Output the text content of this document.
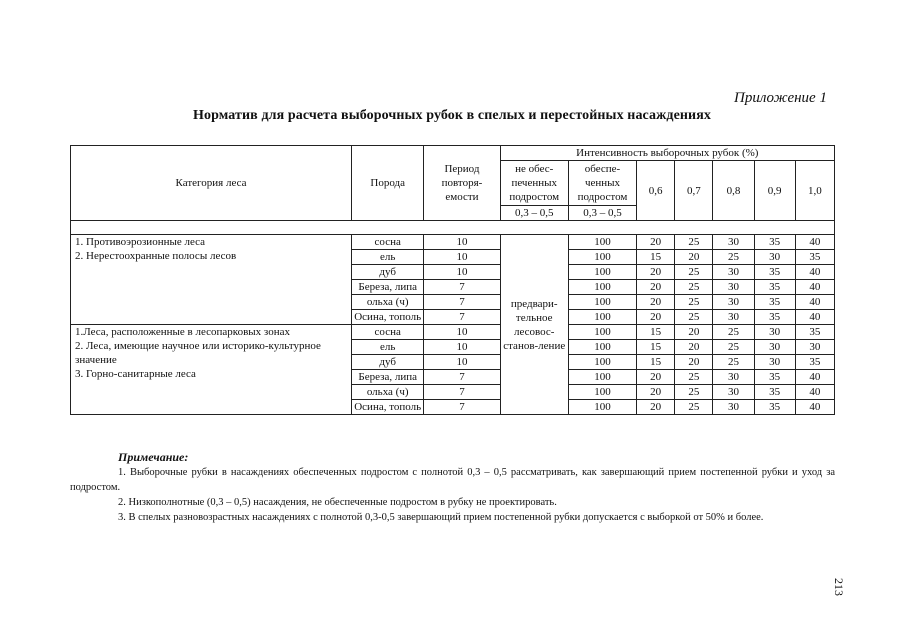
Приложение 1
Норматив для расчета выборочных рубок в спелых и перестойных насаждениях
Категория леса	Порода	Период повторя-емости	Интенсивность выборочных рубок (%)						
			не обес-печенных подростом	обеспе-ченных подростом	0,6	0,7	0,8	0,9	1,0
			0,3 – 0,5	0,3 – 0,5					

1. Противоэрозионные леса
2. Нерестоохранные полосы лесов	сосна	10	предвари-тельное лесовос-станов-ление	100	20	25	30	35	40
	ель	10		100	15	20	25	30	35
	дуб	10		100	20	25	30	35	40
	Береза, липа	7		100	20	25	30	35	40
	ольха (ч)	7		100	20	25	30	35	40
	Осина, тополь	7		100	20	25	30	35	40

1.Леса, расположенные в лесопарковых зонах
2. Леса, имеющие научное или историко-культурное значение
3. Горно-санитарные леса	сосна	10		100	15	20	25	30	35
	ель	10		100	15	20	25	30	30
	дуб	10		100	15	20	25	30	35
	Береза, липа	7		100	20	25	30	35	40
	ольха (ч)	7		100	20	25	30	35	40
	Осина, тополь	7		100	20	25	30	35	40
Примечание:

1. Выборочные рубки в насаждениях обеспеченных подростом с полнотой 0,3 – 0,5 рассматривать, как завершающий прием постепенной рубки и уход за подростом.

2. Низкополнотные (0,3 – 0,5) насаждения, не обеспеченные подростом в рубку не проектировать.

3. В спелых разновозрастных насаждениях с полнотой 0,3-0,5 завершающий прием постепенной рубки допускается с выборкой от 50% и более.

213
